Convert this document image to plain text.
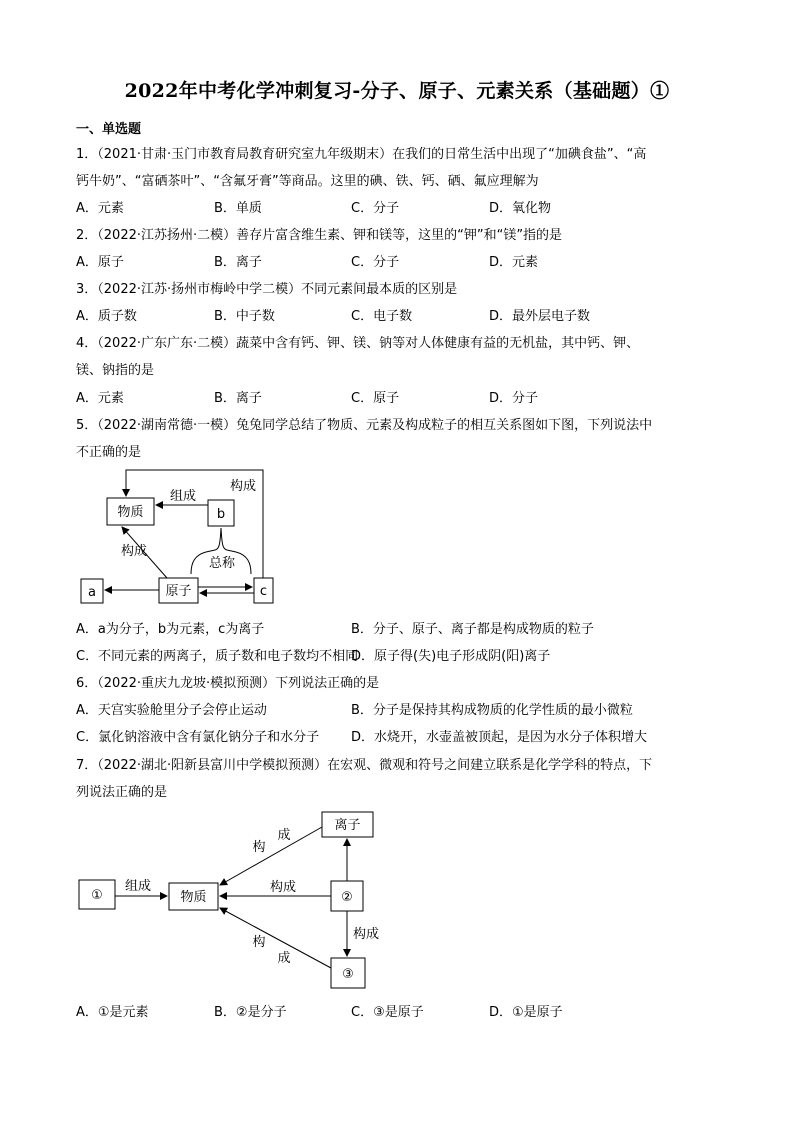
2022年中考化学冲刺复习-分子、原子、元素关系（基础题）①
一、单选题
1．（2021·甘肃·玉门市教育局教育研究室九年级期末）在我们的日常生活中出现了“加碘食盐”、“高
钙牛奶”、“富硒茶叶”、“含氟牙膏”等商品。这里的碘、铁、钙、硒、氟应理解为
A．元素	B．单质	C．分子	D．氧化物
2．（2022·江苏扬州·二模）善存片富含维生素、钾和镁等，这里的“钾”和“镁”指的是
A．原子	B．离子	C．分子	D．元素
3．（2022·江苏·扬州市梅岭中学二模）不同元素间最本质的区别是
A．质子数	B．中子数	C．电子数	D．最外层电子数
4．（2022·广东广东·二模）蔬菜中含有钙、钾、镁、钠等对人体健康有益的无机盐，其中钙、钾、
镁、钠指的是
A．元素	B．离子	C．原子	D．分子
5．（2022·湖南常德·一模）兔兔同学总结了物质、元素及构成粒子的相互关系图如下图，下列说法中
不正确的是
物质	b
a	原子	c
构成
组成
构成
总称
①	物质
离子
②
③
组成
构
成
构成
构成
构
成
A．a为分子，b为元素，c为离子	B．分子、原子、离子都是构成物质的粒子
C．不同元素的两离子，质子数和电子数均不相同
D．原子得(失)电子形成阴(阳)离子
6．（2022·重庆九龙坡·模拟预测）下列说法正确的是
A．天宫实验舱里分子会停止运动	B．分子是保持其构成物质的化学性质的最小微粒
C．氯化钠溶液中含有氯化钠分子和水分子 D．水烧开，水壶盖被顶起，是因为水分子体积增大
7．（2022·湖北·阳新县富川中学模拟预测）在宏观、微观和符号之间建立联系是化学学科的特点，下
列说法正确的是
A．①是元素	B．②是分子	C．③是原子	D．①是原子
